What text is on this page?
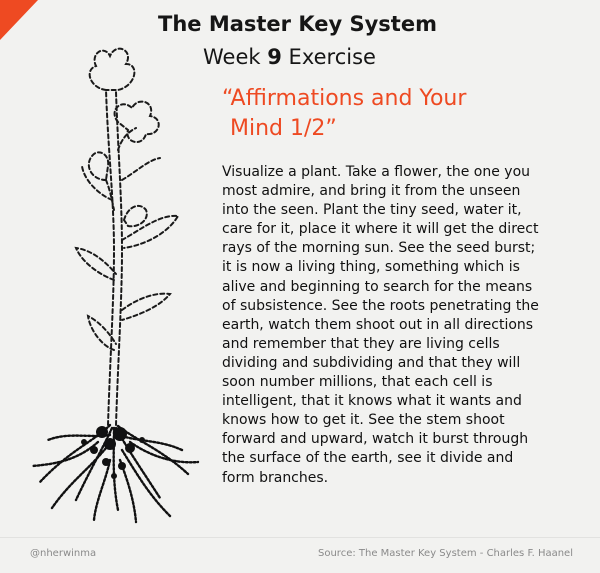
The Master Key System
Week 9 Exercise
“Affirmations and Your
Mind 1/2”
Visualize a plant. Take a flower, the one you
most admire, and bring it from the unseen
into the seen. Plant the tiny seed, water it,
care for it, place it where it will get the direct
rays of the morning sun. See the seed burst;
it is now a living thing, something which is
alive and beginning to search for the means
of subsistence. See the roots penetrating the
earth, watch them shoot out in all directions
and remember that they are living cells
dividing and subdividing and that they will
soon number millions, that each cell is
intelligent, that it knows what it wants and
knows how to get it. See the stem shoot
forward and upward, watch it burst through
the surface of the earth, see it divide and
form branches.
@nherwinma	Source: The Master Key System - Charles F. Haanel
